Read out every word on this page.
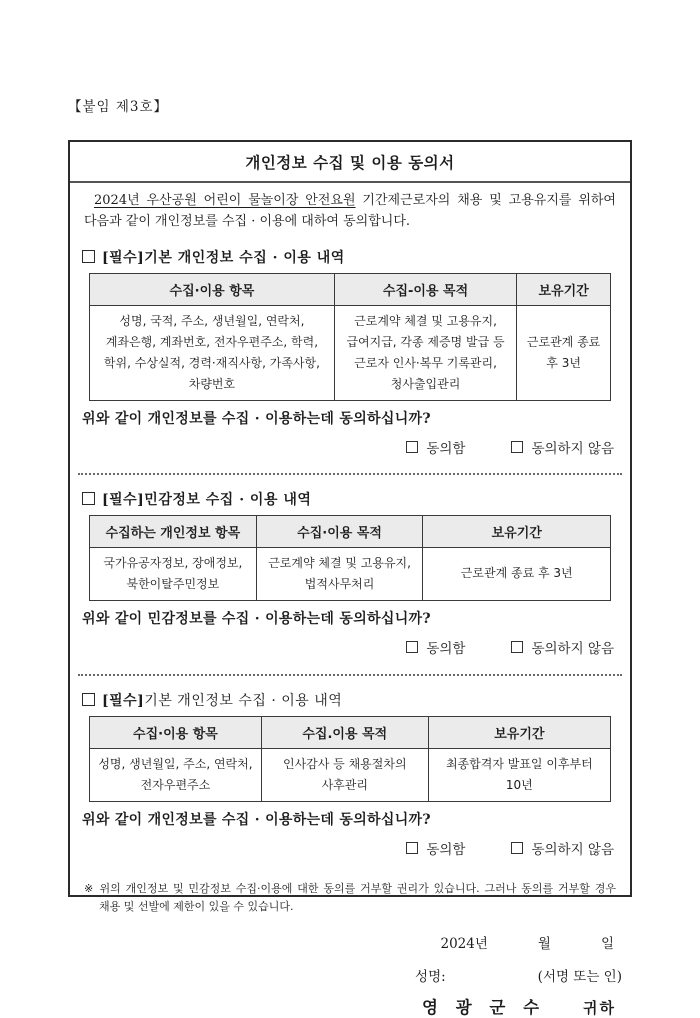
【붙임 제3호】
개인정보 수집 및 이용 동의서

2024년 우산공원 어린이 물놀이장 안전요원 기간제근로자의 채용 및 고용유지를 위하여 다음과 같이 개인정보를 수집 · 이용에 대하여 동의합니다.

[필수] 기본 개인정보 수집 · 이용 내역
수집·이용 항목	수집-이용 목적	보유기간
성명, 국적, 주소, 생년월일, 연락처, 계좌은행, 계좌번호, 전자우편주소, 학력, 학위, 수상실적, 경력·재직사항, 가족사항, 차량번호	근로계약 체결 및 고용유지, 급여지급, 각종 제증명 발급 등 근로자 인사·복무 기록관리, 청사출입관리	근로관계 종료 후 3년
위와 같이 개인정보를 수집 · 이용하는데 동의하십니까?
동의함	동의하지 않음
[필수] 민감정보 수집 · 이용 내역
수집하는 개인정보 항목	수집·이용 목적	보유기간
국가유공자정보, 장애정보, 북한이탈주민정보	근로계약 체결 및 고용유지, 법적사무처리	근로관계 종료 후 3년
위와 같이 민감정보를 수집 · 이용하는데 동의하십니까?
동의함	동의하지 않음
[필수] 기본 개인정보 수집 · 이용 내역
수집·이용 항목	수집.이용 목적	보유기간
성명, 생년월일, 주소, 연락처, 전자우편주소	인사감사 등 채용절차의 사후관리	최종합격자 발표일 이후부터 10년
위와 같이 개인정보를 수집 · 이용하는데 동의하십니까?
동의함	동의하지 않음

※ 위의 개인정보 및 민감정보 수집·이용에 대한 동의를 거부할 권리가 있습니다. 그러나 동의를 거부할 경우 채용 및 선발에 제한이 있을 수 있습니다.

2024년	월	일
성명:	(서명 또는 인)
영 광 군 수	귀하
